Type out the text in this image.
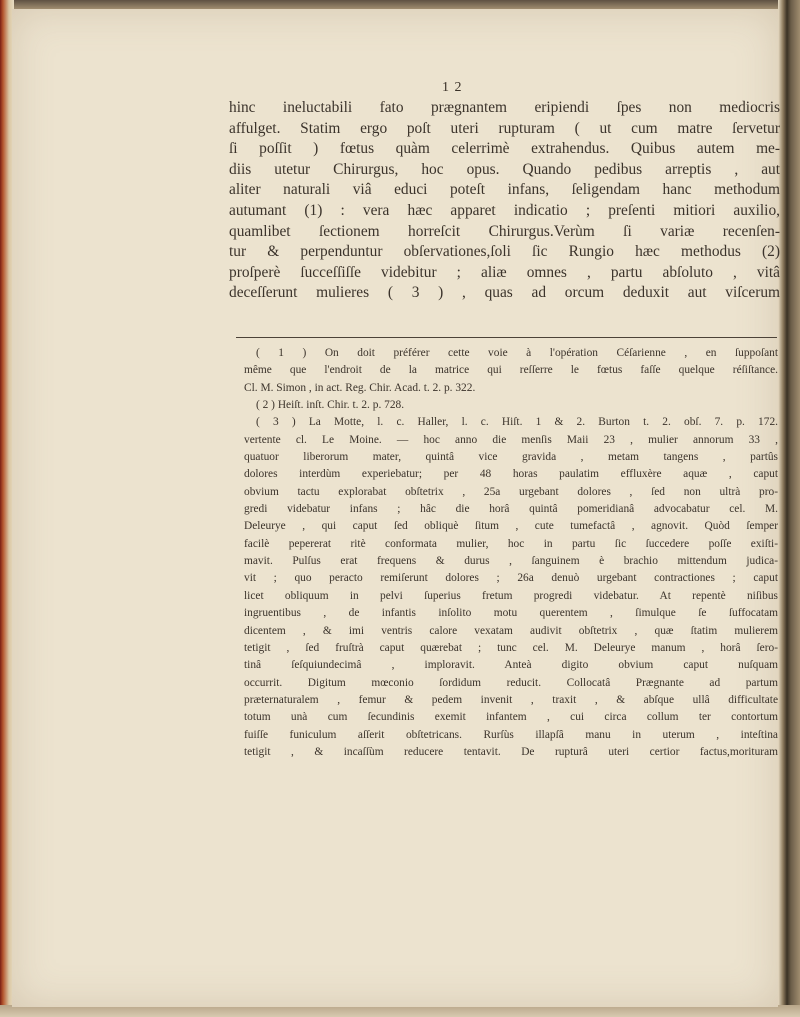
1 2
hinc ineluctabili fato prægnantem eripiendi ſpes non mediocris
affulget. Statim ergo poſt uteri rupturam ( ut cum matre ſervetur
ſi poſſit ) fœtus quàm celerrimè extrahendus. Quibus autem me-
diis utetur Chirurgus, hoc opus. Quando pedibus arreptis , aut
aliter naturali viâ educi poteſt infans, ſeligendam hanc methodum
autumant (1) : vera hæc apparet indicatio ; preſenti mitiori auxilio,
quamlibet ſectionem horreſcit Chirurgus.Verùm ſi variæ recenſen-
tur & perpenduntur obſervationes,ſoli ſic Rungio hæc methodus (2)
proſperè ſucceſſiſſe videbitur ; aliæ omnes , partu abſoluto , vitâ
deceſſerunt mulieres ( 3 ) , quas ad orcum deduxit aut viſcerum
( 1 ) On doit préférer cette voie à l'opération Céſarienne , en ſuppoſant
même que l'endroit de la matrice qui reſſerre le fœtus faſſe quelque réſiſtance.
Cl. M. Simon , in act. Reg. Chir. Acad. t. 2. p. 322.
( 2 ) Heiſt. inſt. Chir. t. 2. p. 728.
( 3 ) La Motte, l. c. Haller, l. c. Hiſt. 1 & 2. Burton t. 2. obſ. 7. p. 172.
vertente cl. Le Moine. — hoc anno die menſis Maii 23 , mulier annorum 33 ,
quatuor liberorum mater, quintâ vice gravida , metam tangens , partûs
dolores interdùm experiebatur; per 48 horas paulatim effluxère aquæ , caput
obvium tactu explorabat obſtetrix , 25a urgebant dolores , ſed non ultrà pro-
gredi videbatur infans ; hâc die horâ quintâ pomeridianâ advocabatur cel. M.
Deleurye , qui caput ſed obliquè ſitum , cute tumefactâ , agnovit. Quòd ſemper
facilè pepererat ritè conformata mulier, hoc in partu ſic ſuccedere poſſe exiſti-
mavit. Pulſus erat frequens & durus , ſanguinem è brachio mittendum judica-
vit ; quo peracto remiſerunt dolores ; 26a denuò urgebant contractiones ; caput
licet obliquum in pelvi ſuperius fretum progredi videbatur. At repentè niſibus
ingruentibus , de infantis inſolito motu querentem , ſimulque ſe ſuffocatam
dicentem , & imi ventris calore vexatam audivit obſtetrix , quæ ſtatim mulierem
tetigit , ſed fruſtrà caput quærebat ; tunc cel. M. Deleurye manum , horâ ſero-
tinâ ſeſquiundecimâ , imploravit. Anteà digito obvium caput nuſquam
occurrit. Digitum mœconio ſordidum reducit. Collocatâ Prægnante ad partum
præternaturalem , femur & pedem invenit , traxit , & abſque ullâ difficultate
totum unà cum ſecundinis exemit infantem , cui circa collum ter contortum
fuiſſe funiculum aſſerit obſtetricans. Rurſùs illapſâ manu in uterum , inteſtina
tetigit , & incaſſùm reducere tentavit. De rupturâ uteri certior factus,morituram
